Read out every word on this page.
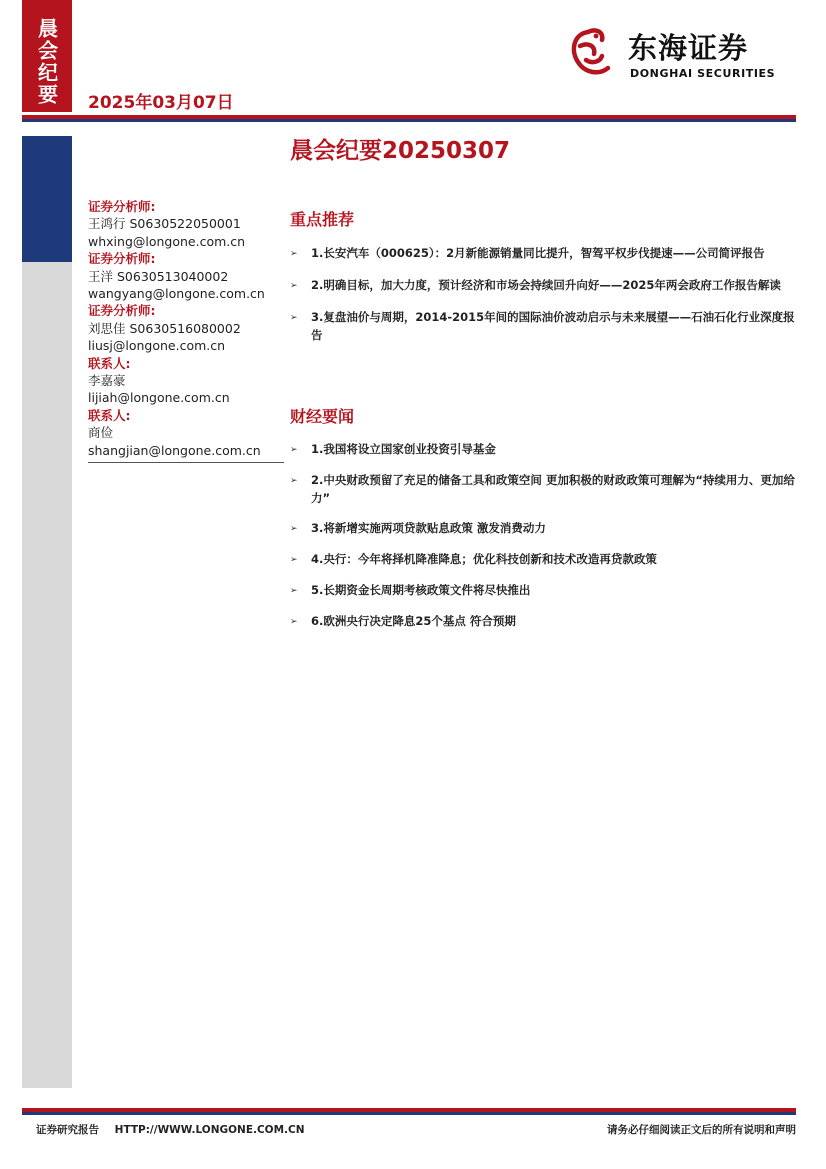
晨会纪要 2025年03月07日
东海证券
DONGHAI SECURITIES
证券分析师:
王鸿行 S0630522050001
whxing@longone.com.cn
证券分析师:
王洋 S0630513040002
wangyang@longone.com.cn
证券分析师:
刘思佳 S0630516080002
liusj@longone.com.cn
联系人:
李嘉豪
lijiah@longone.com.cn
联系人:
商俭
shangjian@longone.com.cn
晨会纪要20250307
重点推荐
➢	1.长安汽车（000625）：2月新能源销量同比提升，智驾平权步伐提速——公司简评报告
➢	2.明确目标，加大力度，预计经济和市场会持续回升向好——2025年两会政府工作报告解读
➢	3.复盘油价与周期，2014-2015年间的国际油价波动启示与未来展望——石油石化行业深度报告
财经要闻
➢	1.我国将设立国家创业投资引导基金
➢	2.中央财政预留了充足的储备工具和政策空间 更加积极的财政政策可理解为“持续用力、更加给力”
➢	3.将新增实施两项贷款贴息政策 激发消费动力
➢	4.央行：今年将择机降准降息；优化科技创新和技术改造再贷款政策
➢	5.长期资金长周期考核政策文件将尽快推出
➢	6.欧洲央行决定降息25个基点 符合预期
证券研究报告 HTTP://WWW.LONGONE.COM.CN	请务必仔细阅读正文后的所有说明和声明
